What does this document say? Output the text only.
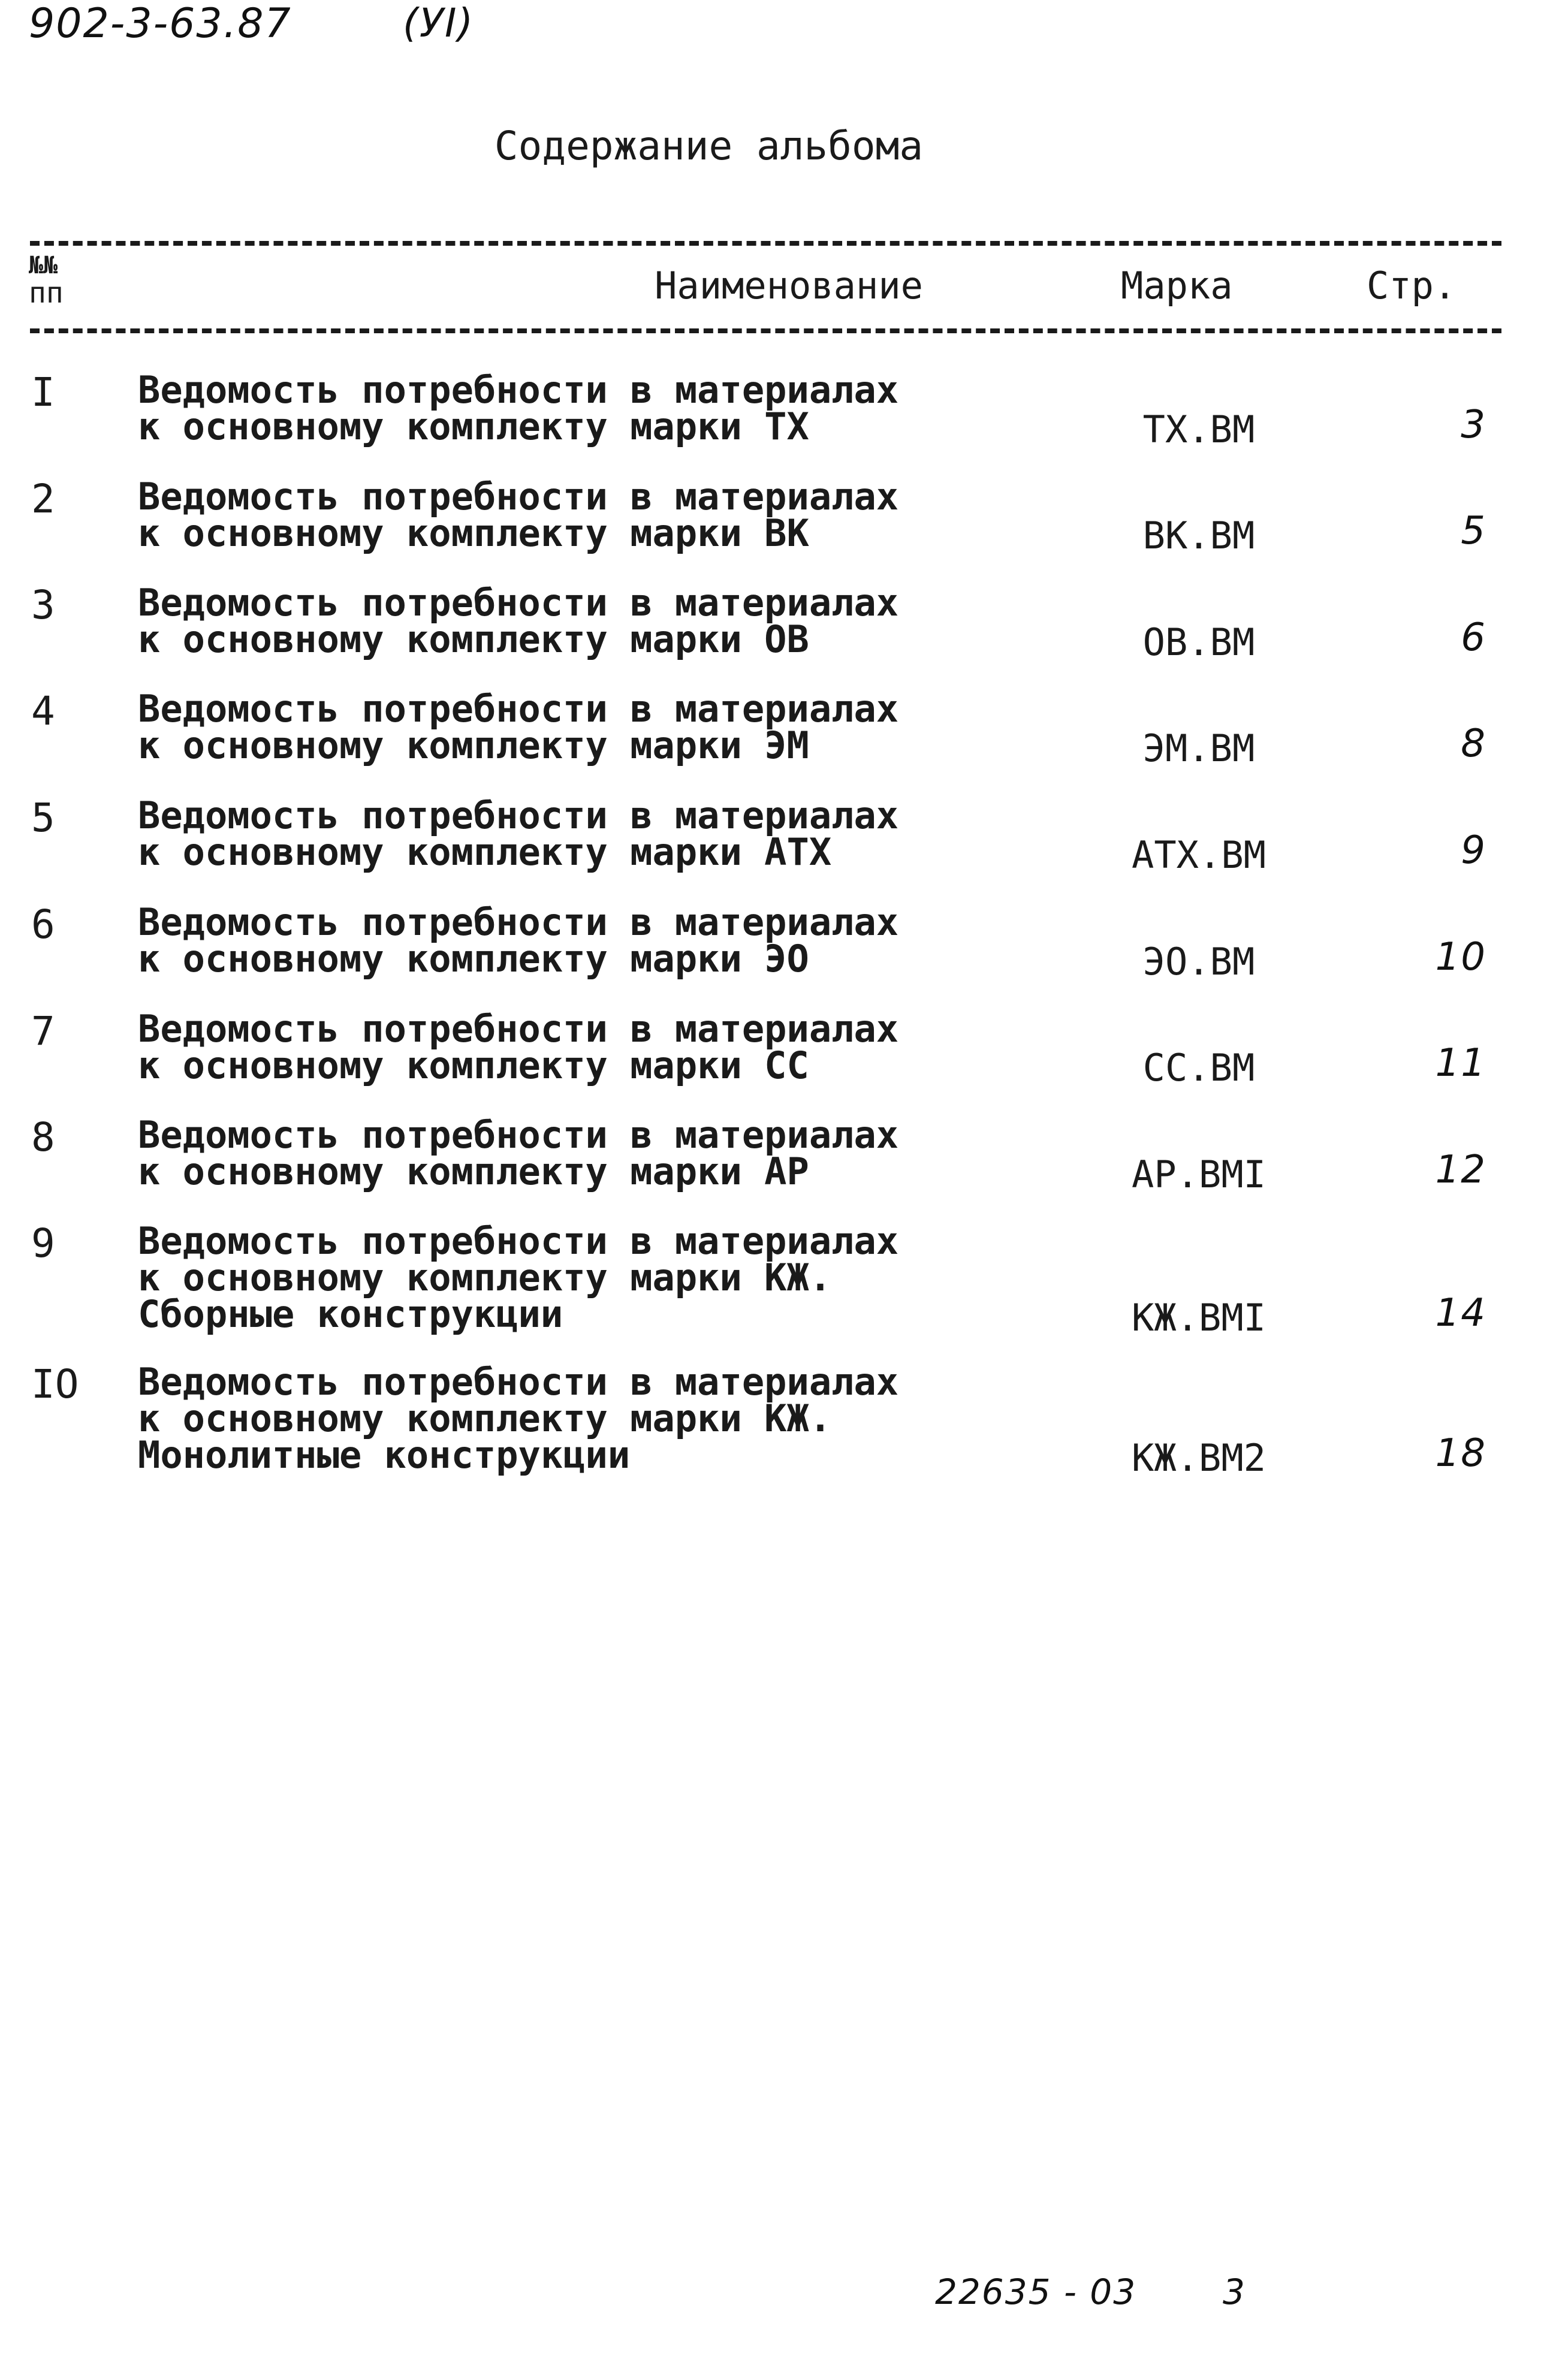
902-3-63.87	(УI)
Содержание альбома
№№
пп	Наименование	Марка	Стр.
I Ведомость потребности в материалах
к основному комплекту марки ТХ	ТХ.ВМ	3
2 Ведомость потребности в материалах
к основному комплекту марки ВК	ВК.ВМ	5
3 Ведомость потребности в материалах
к основному комплекту марки ОВ	ОВ.ВМ	6
4 Ведомость потребности в материалах
к основному комплекту марки ЭМ	ЭМ.ВМ	8
5 Ведомость потребности в материалах
к основному комплекту марки АТХ	АТХ.ВМ	9
6 Ведомость потребности в материалах
к основному комплекту марки ЭО	ЭО.ВМ	10
7 Ведомость потребности в материалах
к основному комплекту марки СС	СС.ВМ	11
8 Ведомость потребности в материалах
к основному комплекту марки АР	АР.ВМI	12
9 Ведомость потребности в материалах
к основному комплекту марки КЖ.
Сборные конструкции	КЖ.ВМI	14
IO Ведомость потребности в материалах
к основному комплекту марки КЖ.
Монолитные конструкции	КЖ.ВМ2	18
22635 - 03 3
